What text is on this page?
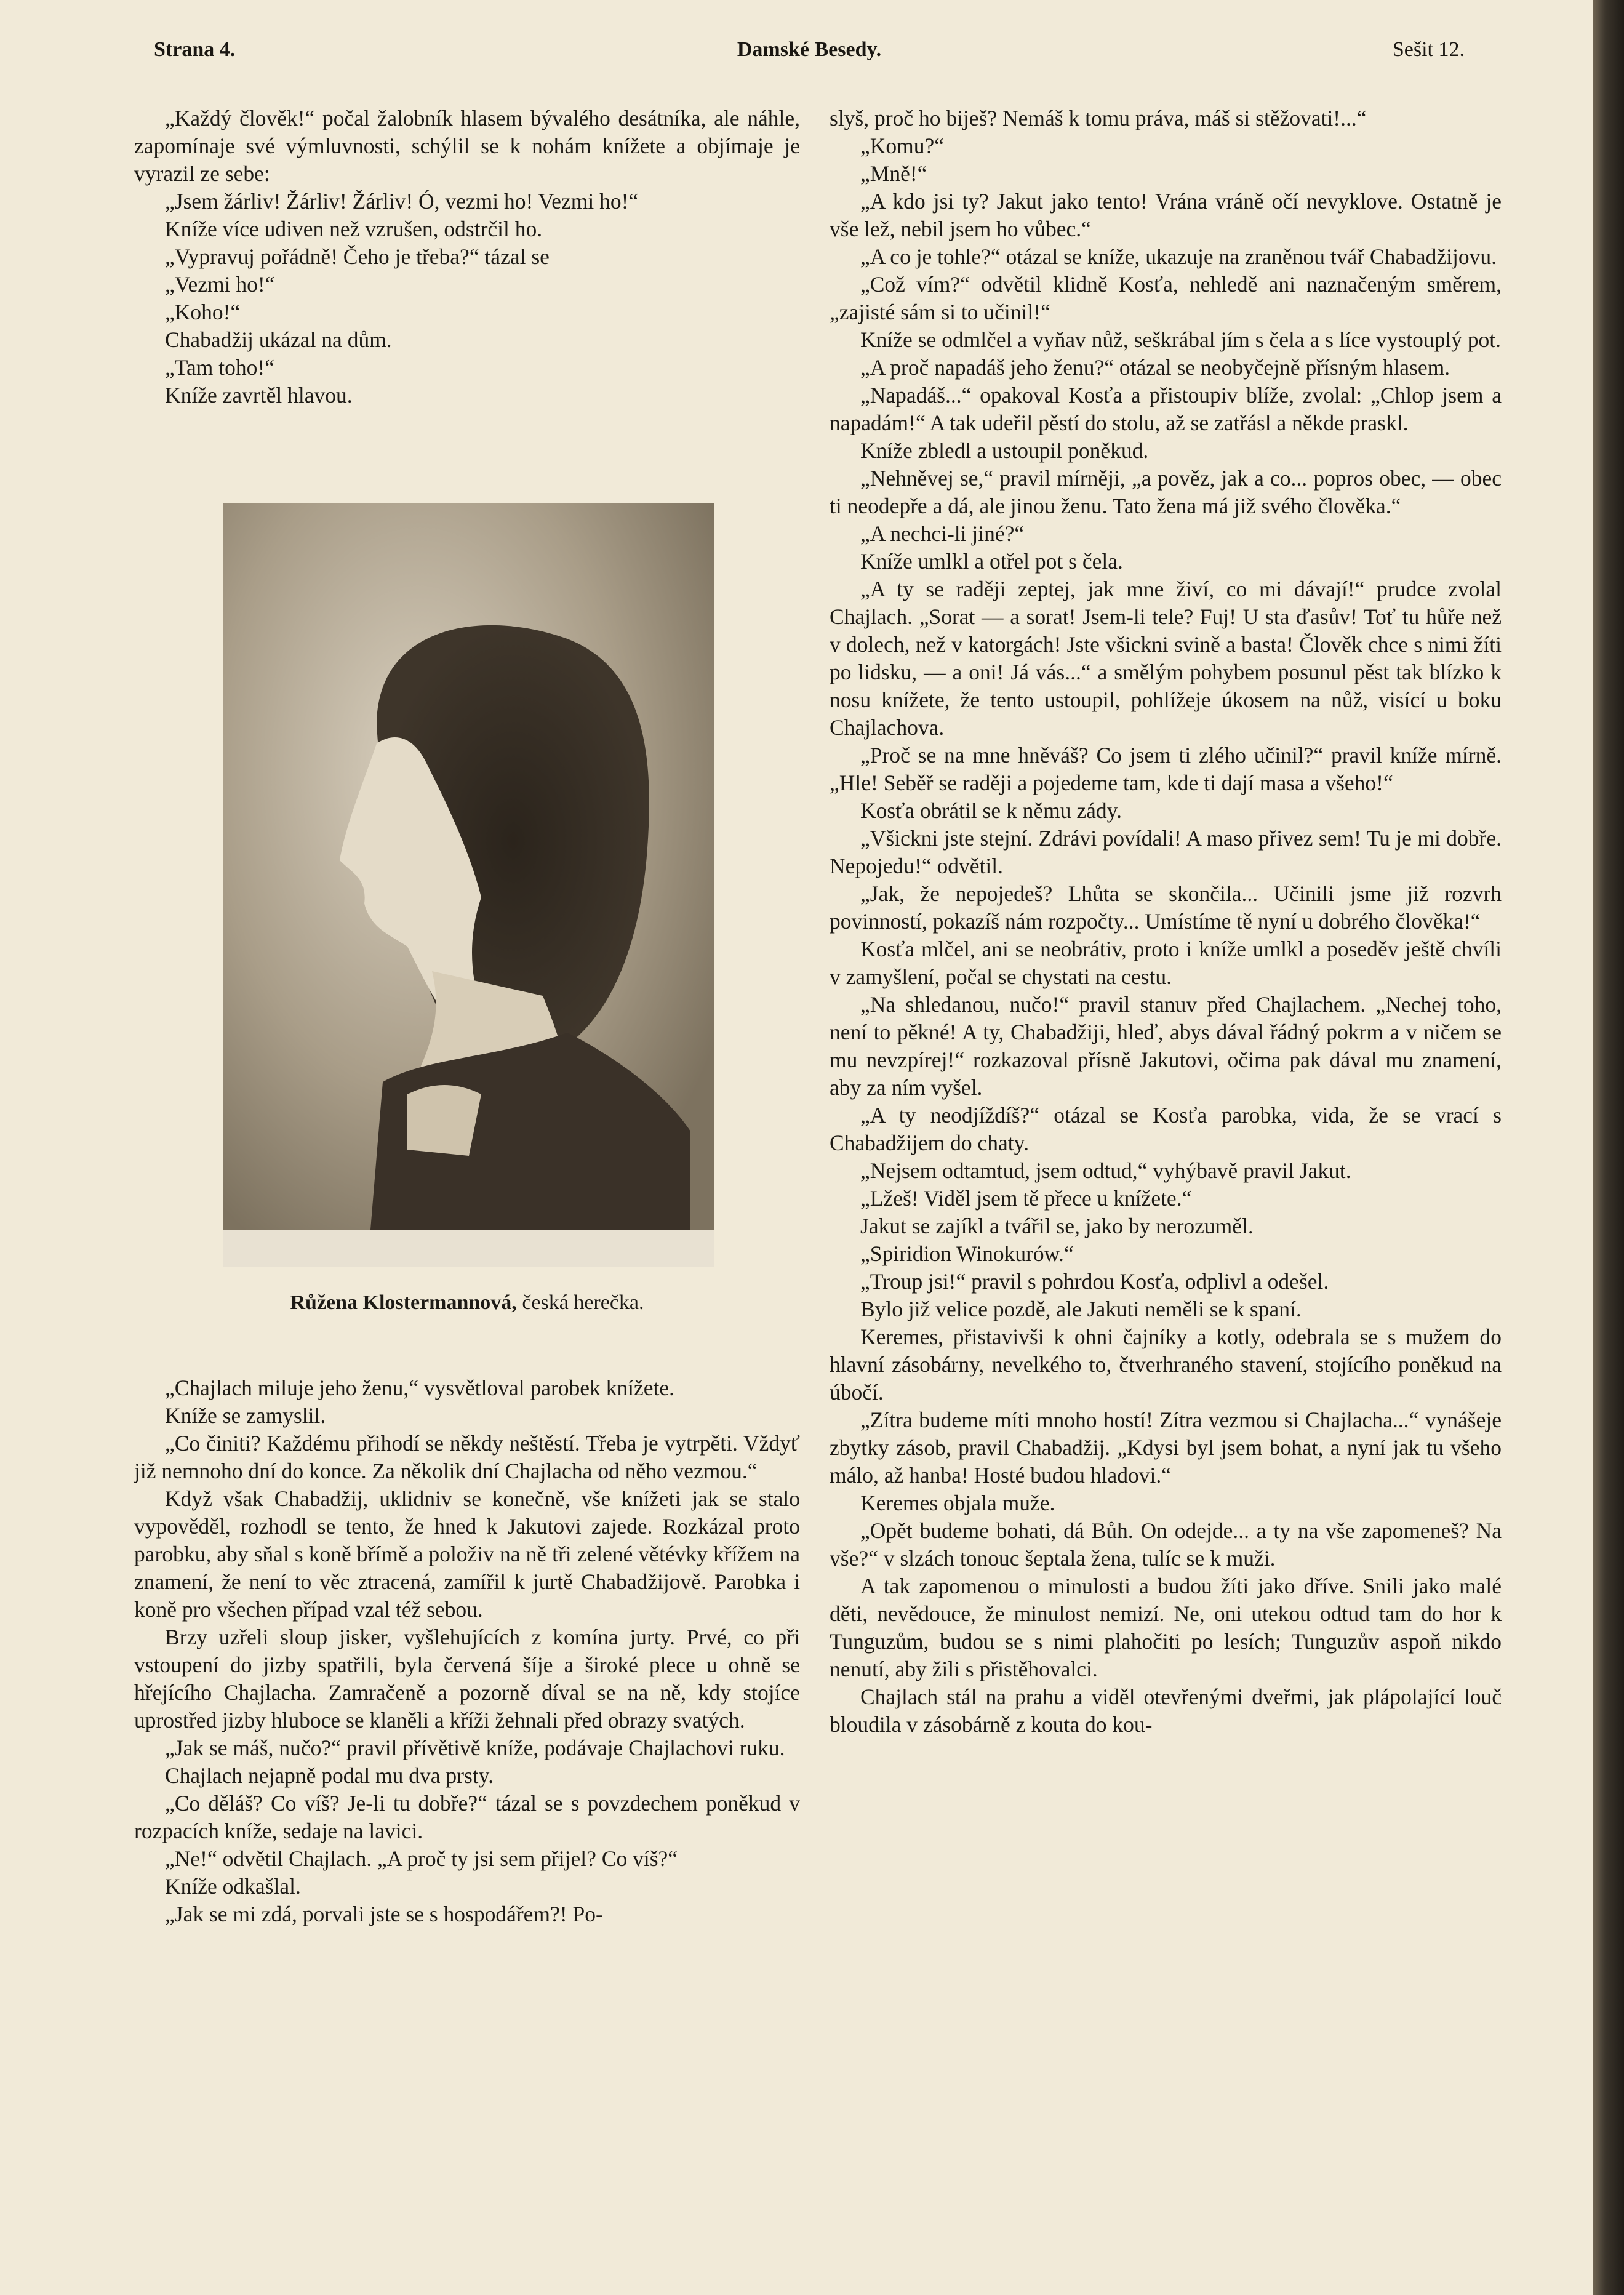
Strana 4.	Damské Besedy.	Sešit 12.

„Každý člověk!“ počal žalobník hlasem bývalého desátníka, ale náhle, zapomínaje své výmluvnosti, schýlil se k nohám knížete a objímaje je vyrazil ze sebe:

„Jsem žárliv! Žárliv! Žárliv! Ó, vezmi ho! Vezmi ho!“

Kníže více udiven než vzrušen, odstrčil ho.

„Vypravuj pořádně! Čeho je třeba?“ tázal se

„Vezmi ho!“

„Koho!“

Chabadžij ukázal na dům.

„Tam toho!“

Kníže zavrtěl hlavou.

Růžena Klostermannová, česká herečka.

„Chajlach miluje jeho ženu,“ vysvětloval parobek knížete.

Kníže se zamyslil.

„Co činiti? Každému přihodí se někdy neštěstí. Třeba je vytrpěti. Vždyť již nemnoho dní do konce. Za několik dní Chajlacha od něho vezmou.“

Když však Chabadžij, uklidniv se konečně, vše knížeti jak se stalo vypověděl, rozhodl se tento, že hned k Jakutovi zajede. Rozkázal proto parobku, aby sňal s koně břímě a položiv na ně tři zelené větévky křížem na znamení, že není to věc ztracená, zamířil k jurtě Chabadžijově. Parobka i koně pro všechen případ vzal též sebou.

Brzy uzřeli sloup jisker, vyšlehujících z komína jurty. Prvé, co při vstoupení do jizby spatřili, byla červená šíje a široké plece u ohně se hřejícího Chajlacha. Zamračeně a pozorně díval se na ně, kdy stojíce uprostřed jizby hluboce se klaněli a kříži žehnali před obrazy svatých.

„Jak se máš, nučo?“ pravil přívětivě kníže, podávaje Chajlachovi ruku.

Chajlach nejapně podal mu dva prsty.

„Co děláš? Co víš? Je-li tu dobře?“ tázal se s povzdechem poněkud v rozpacích kníže, sedaje na lavici.

„Ne!“ odvětil Chajlach. „A proč ty jsi sem přijel? Co víš?“

Kníže odkašlal.

„Jak se mi zdá, porvali jste se s hospodářem?! Po-

slyš, proč ho biješ? Nemáš k tomu práva, máš si stěžovati!...“

„Komu?“

„Mně!“

„A kdo jsi ty? Jakut jako tento! Vrána vráně očí nevyklove. Ostatně je vše lež, nebil jsem ho vůbec.“

„A co je tohle?“ otázal se kníže, ukazuje na zraněnou tvář Chabadžijovu.

„Což vím?“ odvětil klidně Kosťa, nehledě ani naznačeným směrem, „zajisté sám si to učinil!“

Kníže se odmlčel a vyňav nůž, seškrábal jím s čela a s líce vystouplý pot.

„A proč napadáš jeho ženu?“ otázal se neobyčejně přísným hlasem.

„Napadáš...“ opakoval Kosťa a přistoupiv blíže, zvolal: „Chlop jsem a napadám!“ A tak udeřil pěstí do stolu, až se zatřásl a někde praskl.

Kníže zbledl a ustoupil poněkud.

„Nehněvej se,“ pravil mírněji, „a pověz, jak a co... popros obec, — obec ti neodepře a dá, ale jinou ženu. Tato žena má již svého člověka.“

„A nechci-li jiné?“

Kníže umlkl a otřel pot s čela.

„A ty se raději zeptej, jak mne živí, co mi dávají!“ prudce zvolal Chajlach. „Sorat — a sorat! Jsem-li tele? Fuj! U sta ďasův! Toť tu hůře než v dolech, než v katorgách! Jste všickni svině a basta! Člověk chce s nimi žíti po lidsku, — a oni! Já vás...“ a smělým pohybem posunul pěst tak blízko k nosu knížete, že tento ustoupil, pohlížeje úkosem na nůž, visící u boku Chajlachova.

„Proč se na mne hněváš? Co jsem ti zlého učinil?“ pravil kníže mírně. „Hle! Seběř se raději a pojedeme tam, kde ti dají masa a všeho!“

Kosťa obrátil se k němu zády.

„Všickni jste stejní. Zdrávi povídali! A maso přivez sem! Tu je mi dobře. Nepojedu!“ odvětil.

„Jak, že nepojedeš? Lhůta se skončila... Učinili jsme již rozvrh povinností, pokazíš nám rozpočty... Umístíme tě nyní u dobrého člověka!“

Kosťa mlčel, ani se neobrátiv, proto i kníže umlkl a poseděv ještě chvíli v zamyšlení, počal se chystati na cestu.

„Na shledanou, nučo!“ pravil stanuv před Chajlachem. „Nechej toho, není to pěkné! A ty, Chabadžiji, hleď, abys dával řádný pokrm a v ničem se mu nevzpírej!“ rozkazoval přísně Jakutovi, očima pak dával mu znamení, aby za ním vyšel.

„A ty neodjíždíš?“ otázal se Kosťa parobka, vida, že se vrací s Chabadžijem do chaty.

„Nejsem odtamtud, jsem odtud,“ vyhýbavě pravil Jakut.

„Lžeš! Viděl jsem tě přece u knížete.“

Jakut se zajíkl a tvářil se, jako by nerozuměl.

„Spiridion Winokurów.“

„Troup jsi!“ pravil s pohrdou Kosťa, odplivl a odešel.

Bylo již velice pozdě, ale Jakuti neměli se k spaní.

Keremes, přistavivši k ohni čajníky a kotly, odebrala se s mužem do hlavní zásobárny, nevelkého to, čtverhraného stavení, stojícího poněkud na úbočí.

„Zítra budeme míti mnoho hostí! Zítra vezmou si Chajlacha...“ vynášeje zbytky zásob, pravil Chabadžij. „Kdysi byl jsem bohat, a nyní jak tu všeho málo, až hanba! Hosté budou hladovi.“

Keremes objala muže.

„Opět budeme bohati, dá Bůh. On odejde... a ty na vše zapomeneš? Na vše?“ v slzách tonouc šeptala žena, tulíc se k muži.

A tak zapomenou o minulosti a budou žíti jako dříve. Snili jako malé děti, nevědouce, že minulost nemizí. Ne, oni utekou odtud tam do hor k Tunguzům, budou se s nimi plahočiti po lesích; Tunguzův aspoň nikdo nenutí, aby žili s přistěhovalci.

Chajlach stál na prahu a viděl otevřenými dveřmi, jak plápolající louč bloudila v zásobárně z kouta do kou-
